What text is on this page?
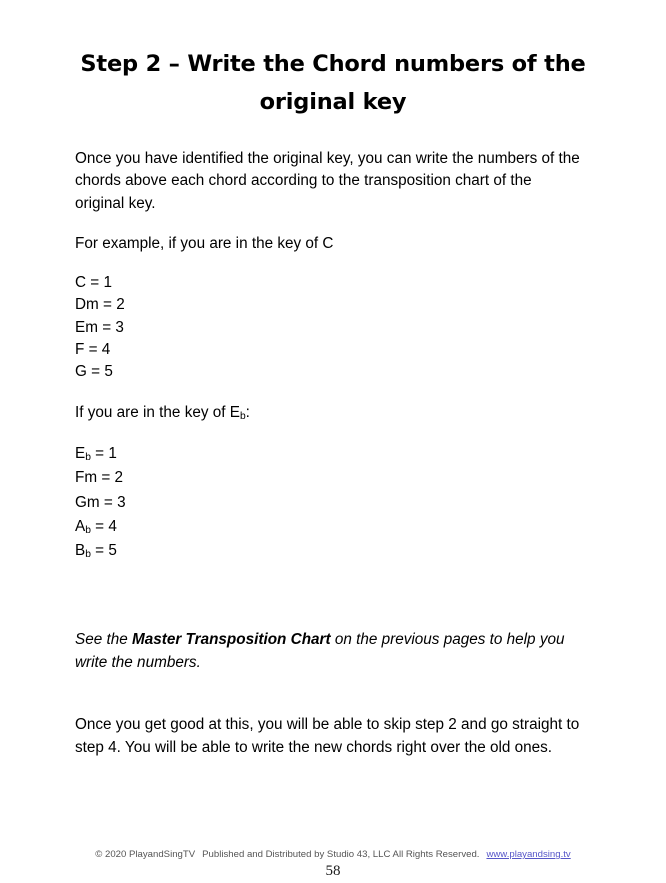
Step 2 – Write the Chord numbers of the
original key

Once you have identified the original key, you can write the numbers of the chords above each chord according to the transposition chart of the original key.

For example, if you are in the key of C

C = 1
Dm = 2
Em = 3
F = 4
G = 5

If you are in the key of $E_b$:

$E_b = 1$
Fm = 2
Gm = 3
$A_b = 4$
$B_b = 5$

See the Master Transposition Chart on the previous pages to help you write the numbers.

Once you get good at this, you will be able to skip step 2 and go straight to step 4. You will be able to write the new chords right over the old ones.

© 2020 PlayandSingTV Published and Distributed by Studio 43, LLC All Rights Reserved. www.playandsing.tv
58
